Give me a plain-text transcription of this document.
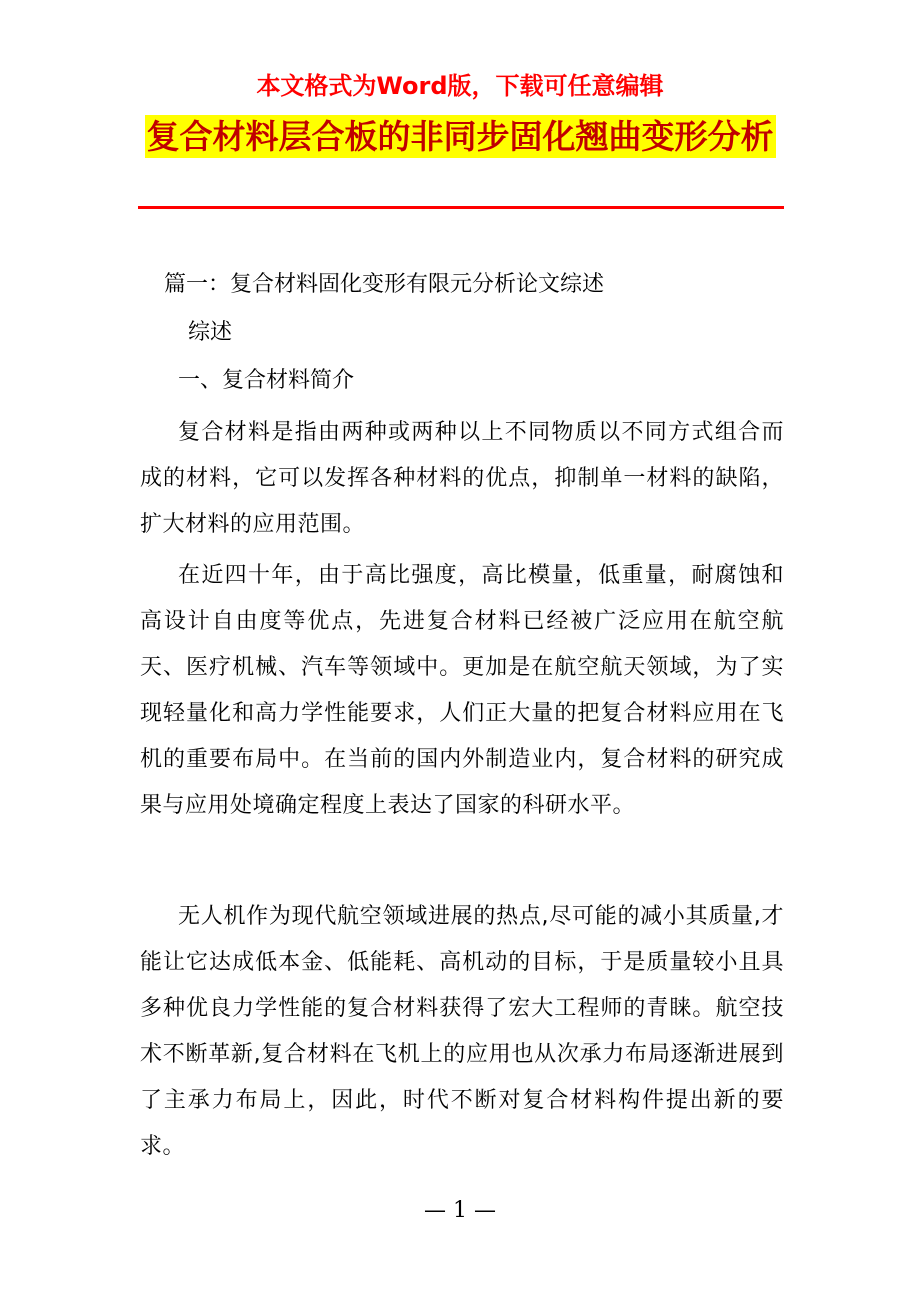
本文格式为Word版，下载可任意编辑
复合材料层合板的非同步固化翘曲变形分析
篇一：复合材料固化变形有限元分析论文综述
综述
一、复合材料简介
复合材料是指由两种或两种以上不同物质以不同方式组合而成的材料，它可以发挥各种材料的优点，抑制单一材料的缺陷，扩大材料的应用范围。
在近四十年，由于高比强度，高比模量，低重量，耐腐蚀和高设计自由度等优点，先进复合材料已经被广泛应用在航空航天、医疗机械、汽车等领域中。更加是在航空航天领域，为了实现轻量化和高力学性能要求，人们正大量的把复合材料应用在飞机的重要布局中。在当前的国内外制造业内，复合材料的研究成果与应用处境确定程度上表达了国家的科研水平。
无人机作为现代航空领域进展的热点,尽可能的减小其质量,才能让它达成低本金、低能耗、高机动的目标，于是质量较小且具多种优良力学性能的复合材料获得了宏大工程师的青睐。航空技术不断革新,复合材料在飞机上的应用也从次承力布局逐渐进展到了主承力布局上，因此，时代不断对复合材料构件提出新的要求。
— 1 —
